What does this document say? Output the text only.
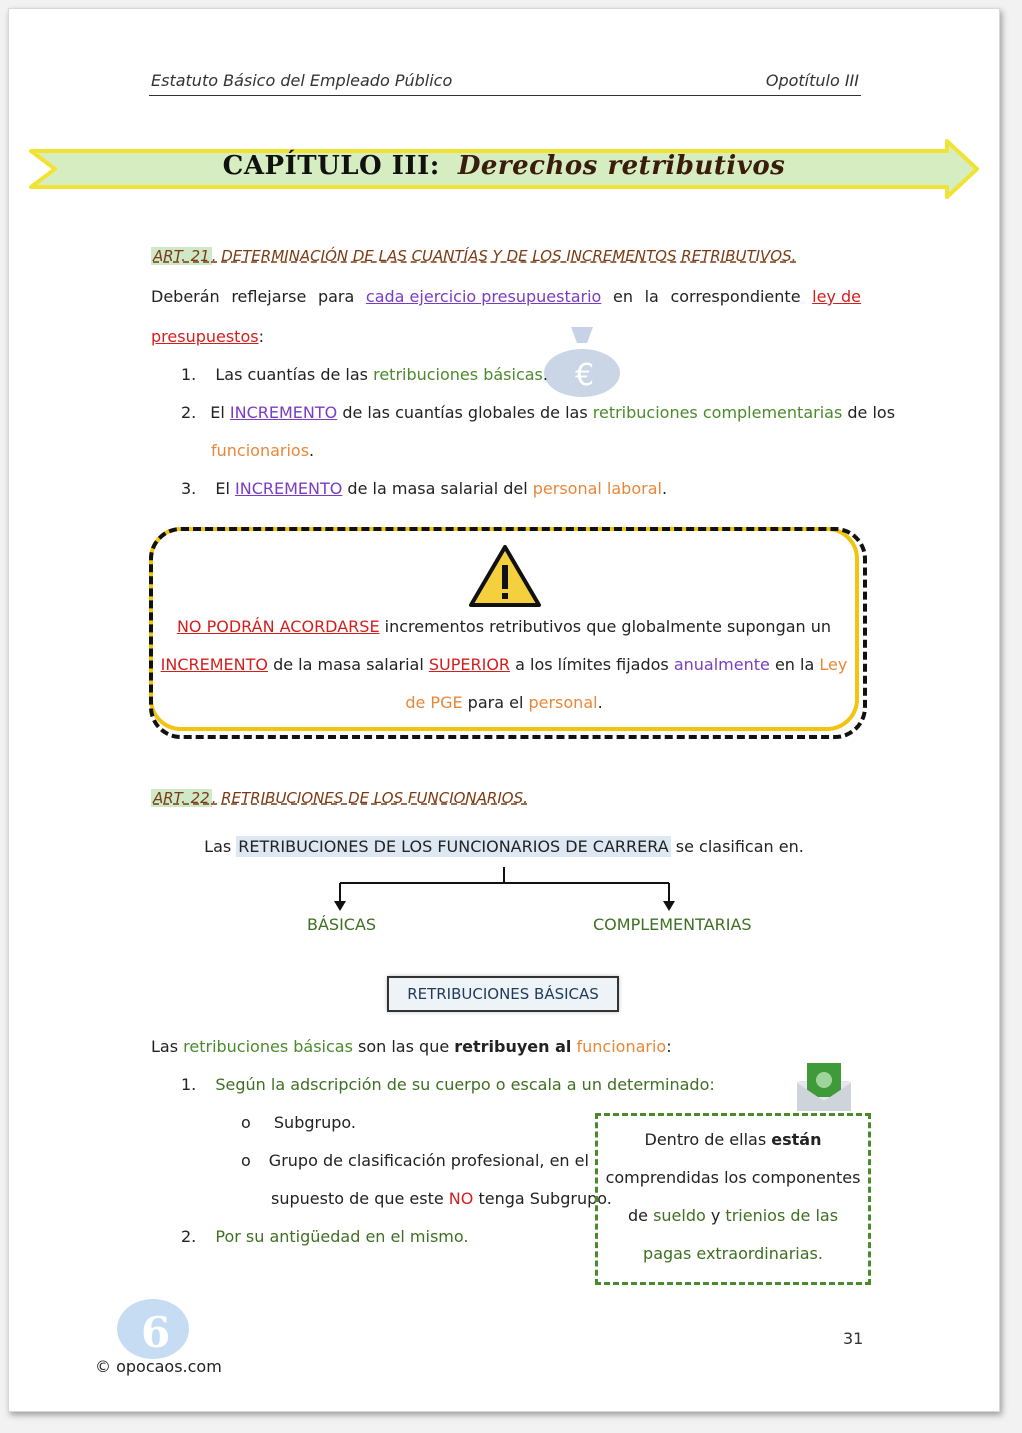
Estatuto Básico del Empleado Público	Opotítulo III
CAPÍTULO III: Derechos retributivos
ART. 21 . DETERMINACIÓN DE LAS CUANTÍAS Y DE LOS INCREMENTOS RETRIBUTIVOS.
Deberán reflejarse para cada ejercicio presupuestario en la correspondiente ley de
presupuestos:
€
1. Las cuantías de las retribuciones básicas.
2. El INCREMENTO de las cuantías globales de las retribuciones complementarias de los
funcionarios.
3. El INCREMENTO de la masa salarial del personal laboral.
NO PODRÁN ACORDARSE incrementos retributivos que globalmente supongan un
INCREMENTO de la masa salarial SUPERIOR a los límites fijados anualmente en la Ley
de PGE para el personal.
ART. 22 . RETRIBUCIONES DE LOS FUNCIONARIOS.
Las RETRIBUCIONES DE LOS FUNCIONARIOS DE CARRERA se clasifican en.
BÁSICAS	COMPLEMENTARIAS
RETRIBUCIONES BÁSICAS
Las retribuciones básicas son las que retribuyen al funcionario:
1. Según la adscripción de su cuerpo o escala a un determinado:
o Subgrupo.
o Grupo de clasificación profesional , en el
supuesto de que este NO tenga Subgrupo.
2. Por su antigüedad en el mismo.
Dentro de ellas están
comprendidas los componentes
de sueldo y trienios de las
pagas extraordinarias.
31
6
© opocaos.com
